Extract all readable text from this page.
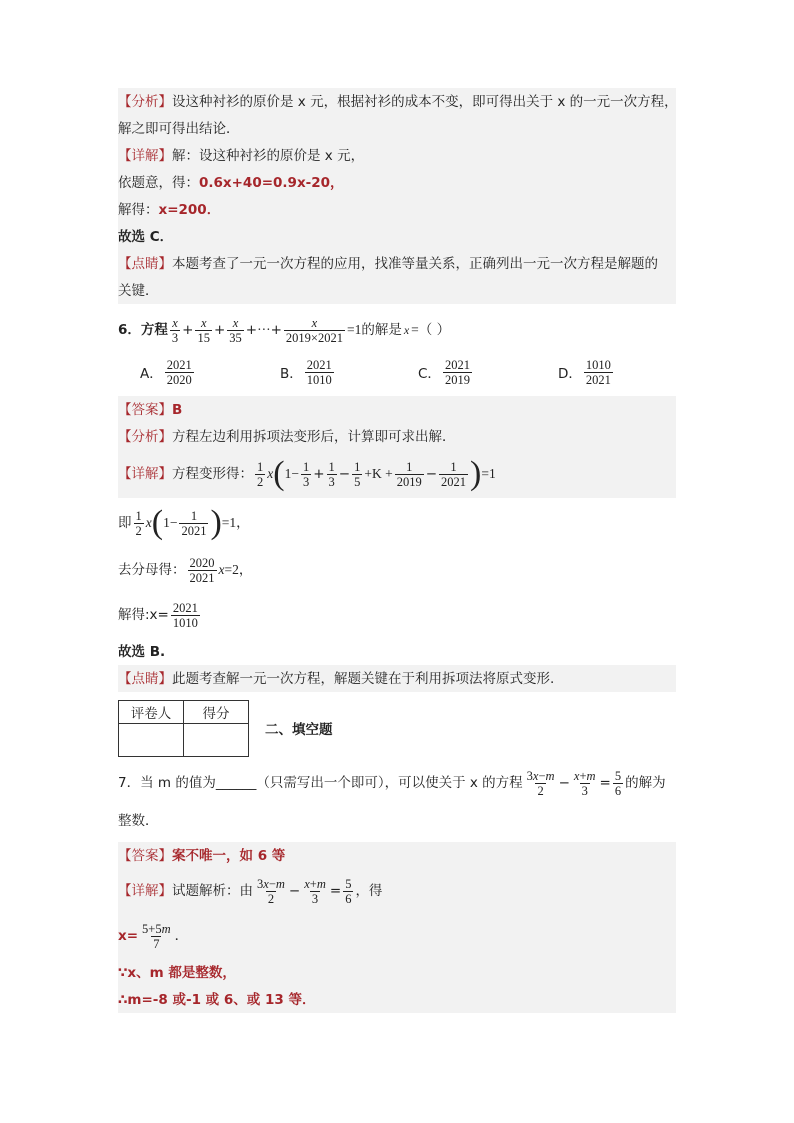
【分析】 设这种衬衫的原价是 x 元，根据衬衫的成本不变，即可得出关于 x 的一元一次方程，
解之即可得出结论．
【详解】 解：设这种衬衫的原价是 x 元，
依题意，得： 0.6x+40=0.9x-20，
解得： x=200．
故选 C．
【点睛】 本题考查了一元一次方程的应用，找准等量关系，正确列出一元一次方程是解题的
关键．
6．方程 $\frac{x}{3} + \frac{x}{15} + \frac{x}{35}$ + ··· + $\frac{x}{2019\times 2021} =1$ 的解是 x = （ ）
A． $\frac{2021}{2020}$	B． $\frac{2021}{1010}$	C． $\frac{2021}{2019}$	D． $\frac{1010}{2021}$
【答案】 B
【分析】 方程左边利用拆项法变形后，计算即可求出解．
【详解】 方程变形得： $\frac{1}{2}$ x ( $1- \frac{1}{3} + \frac{1}{3} - \frac{1}{5} +K + \frac{1}{2019} - \frac{1}{2021}$ ) =1
即 $\frac{1}{2}$ x ( $1- \frac{1}{2021}$ ) =1 ，
去分母得： $\frac{2020}{2021}$ x =2 ，
解得:x= $\frac{2021}{1010}$
故选 B.
【点睛】 此题考查解一元一次方程，解题关键在于利用拆项法将原式变形.
评卷人	得分

二、填空题
7．当 m 的值为______（只需写出一个即可），可以使关于 x 的方程 $\frac{3x-m}{2} - \frac{x+m}{3} = \frac{5}{6}$ 的解为
整数．
【答案】 案不唯一，如 6 等
【详解】 试题解析：由 $\frac{3x-m}{2} - \frac{x+m}{3} = \frac{5}{6}$ ，得
$x= \frac{5+5m}{7}$ ．
∵x、m 都是整数，
∴m=-8 或-1 或 6、或 13 等．
